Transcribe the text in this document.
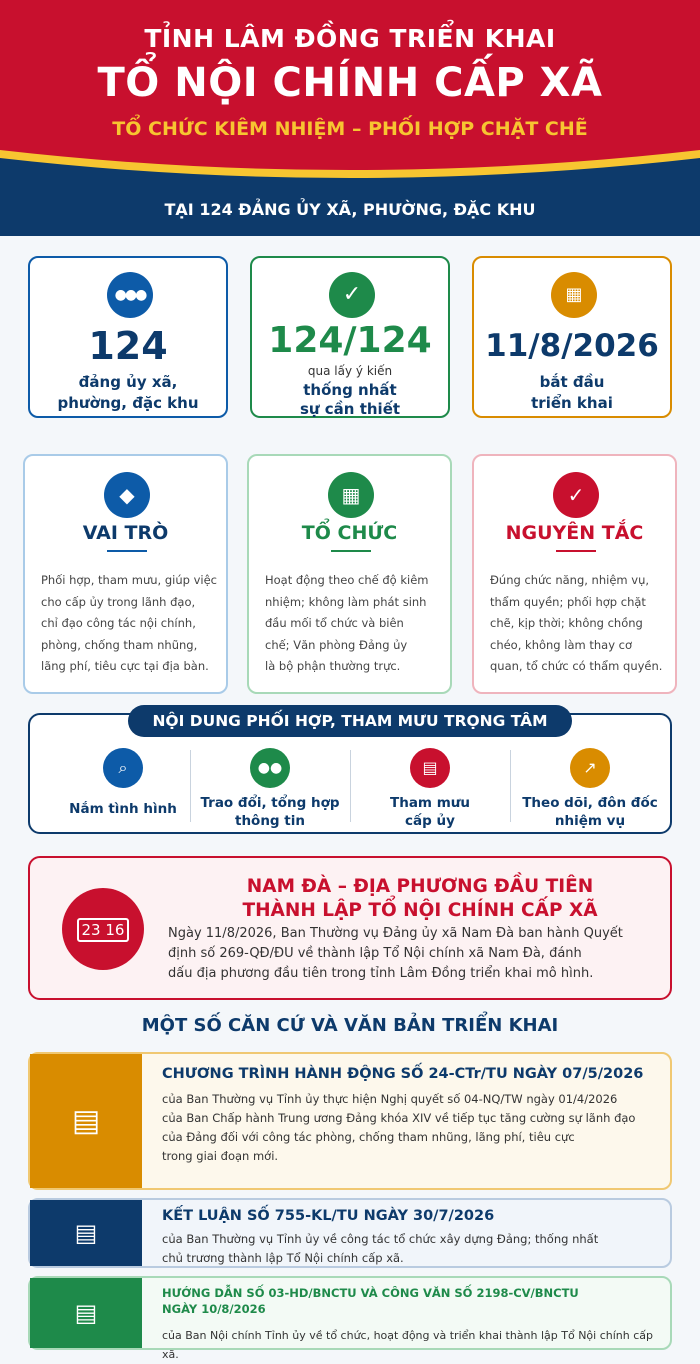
TỈNH LÂM ĐỒNG TRIỂN KHAI
TỔ NỘI CHÍNH CẤP XÃ
TỔ CHỨC KIÊM NHIỆM – PHỐI HỢP CHẶT CHẼ
TẠI 124 ĐẢNG ỦY XÃ, PHƯỜNG, ĐẶC KHU
●●●
124
đảng ủy xã,
phường, đặc khu
✓
124/124
qua lấy ý kiến
thống nhất
sự cần thiết
▦
11/8/2026
bắt đầu
triển khai
◆
VAI TRÒ
Phối hợp, tham mưu, giúp việc
cho cấp ủy trong lãnh đạo,
chỉ đạo công tác nội chính,
phòng, chống tham nhũng,
lãng phí, tiêu cực tại địa bàn.
▦
TỔ CHỨC
Hoạt động theo chế độ kiêm
nhiệm; không làm phát sinh
đầu mối tổ chức và biên
chế; Văn phòng Đảng ủy
là bộ phận thường trực.
✓
NGUYÊN TẮC
Đúng chức năng, nhiệm vụ,
thẩm quyền; phối hợp chặt
chẽ, kịp thời; không chồng
chéo, không làm thay cơ
quan, tổ chức có thẩm quyền.
NỘI DUNG PHỐI HỢP, THAM MƯU TRỌNG TÂM
⌕
Nắm tình hình
●●
Trao đổi, tổng hợp
thông tin
▤
Tham mưu
cấp ủy
↗
Theo dõi, đôn đốc
nhiệm vụ
23 16
NAM ĐÀ – ĐỊA PHƯƠNG ĐẦU TIÊN
THÀNH LẬP TỔ NỘI CHÍNH CẤP XÃ
Ngày 11/8/2026, Ban Thường vụ Đảng ủy xã Nam Đà ban hành Quyết
định số 269-QĐ/ĐU về thành lập Tổ Nội chính xã Nam Đà, đánh
dấu địa phương đầu tiên trong tỉnh Lâm Đồng triển khai mô hình.
MỘT SỐ CĂN CỨ VÀ VĂN BẢN TRIỂN KHAI
▤
CHƯƠNG TRÌNH HÀNH ĐỘNG SỐ 24-CTr/TU NGÀY 07/5/2026
của Ban Thường vụ Tỉnh ủy thực hiện Nghị quyết số 04-NQ/TW ngày 01/4/2026
của Ban Chấp hành Trung ương Đảng khóa XIV về tiếp tục tăng cường sự lãnh đạo
của Đảng đối với công tác phòng, chống tham nhũng, lãng phí, tiêu cực
trong giai đoạn mới.
▤
KẾT LUẬN SỐ 755-KL/TU NGÀY 30/7/2026
của Ban Thường vụ Tỉnh ủy về công tác tổ chức xây dựng Đảng; thống nhất
chủ trương thành lập Tổ Nội chính cấp xã.
▤
HƯỚNG DẪN SỐ 03-HD/BNCTU VÀ CÔNG VĂN SỐ 2198-CV/BNCTU
NGÀY 10/8/2026
của Ban Nội chính Tỉnh ủy về tổ chức, hoạt động và triển khai thành lập Tổ Nội chính cấp xã.
